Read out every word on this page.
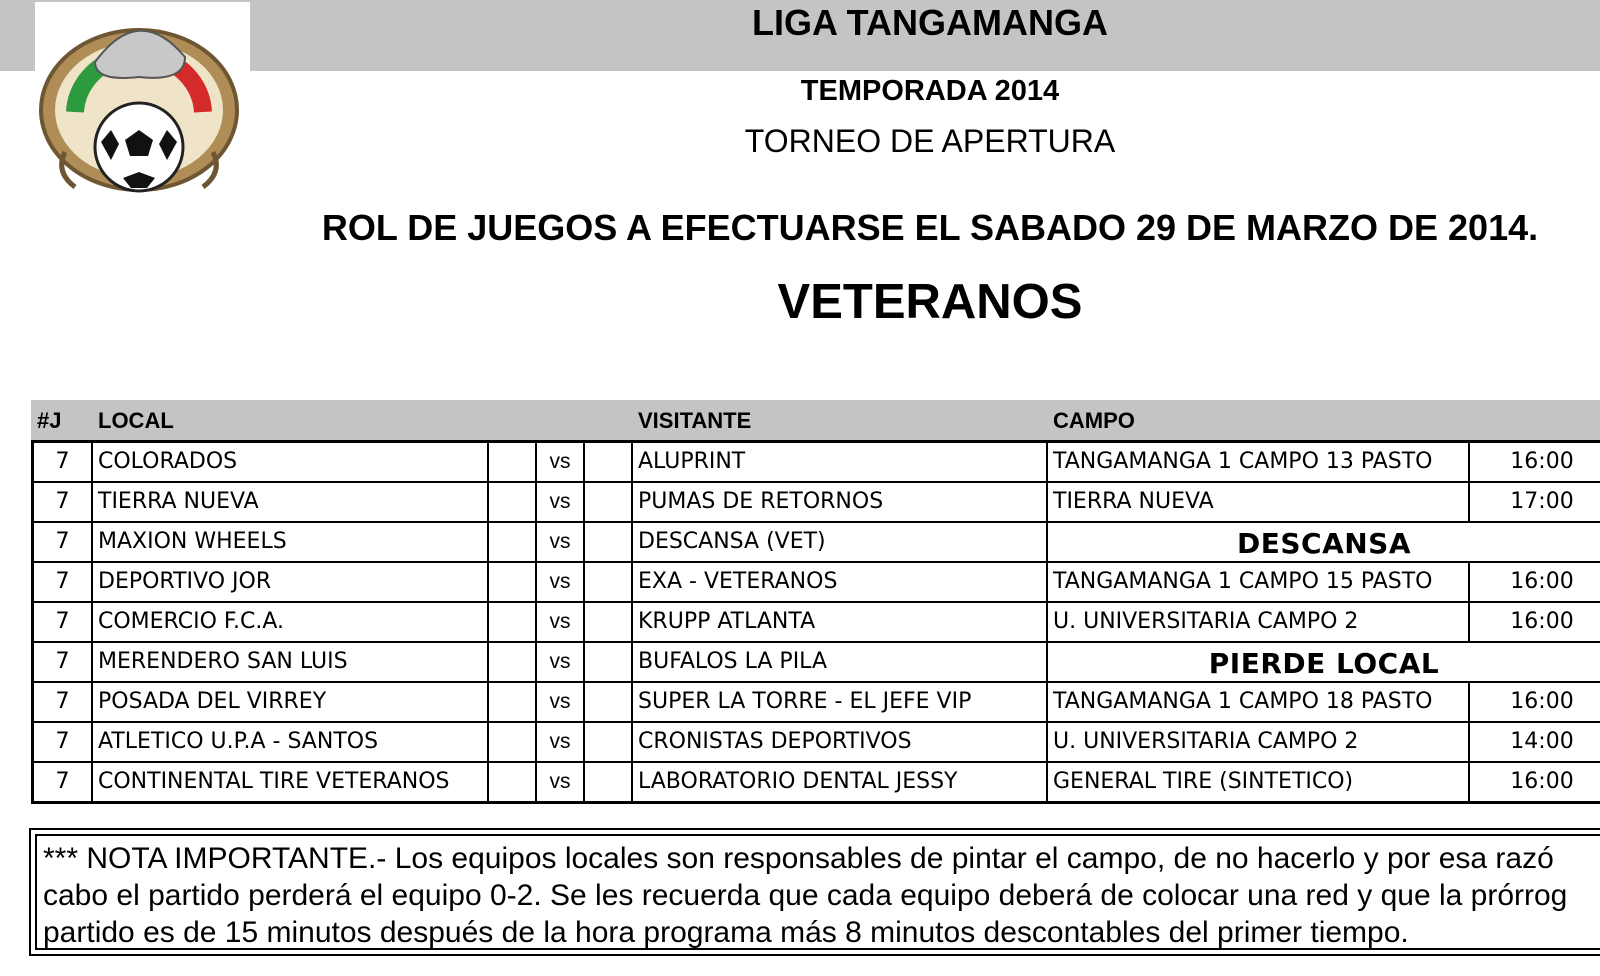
LIGA TANGAMANGA
TEMPORADA 2014
TORNEO DE APERTURA
ROL DE JUEGOS A EFECTUARSE EL SABADO 29 DE MARZO DE 2014.
VETERANOS
#J LOCAL	VISITANTE	CAMPO
7	COLORADOS	vs	ALUPRINT	TANGAMANGA 1 CAMPO 13 PASTO	16:00
7	TIERRA NUEVA	vs	PUMAS DE RETORNOS	TIERRA NUEVA	17:00
7	MAXION WHEELS	vs	DESCANSA (VET)	DESCANSA
7	DEPORTIVO JOR	vs	EXA - VETERANOS	TANGAMANGA 1 CAMPO 15 PASTO	16:00
7	COMERCIO F.C.A.	vs	KRUPP ATLANTA	U. UNIVERSITARIA CAMPO 2	16:00
7	MERENDERO SAN LUIS	vs	BUFALOS LA PILA	PIERDE LOCAL
7	POSADA DEL VIRREY	vs	SUPER LA TORRE - EL JEFE VIP	TANGAMANGA 1 CAMPO 18 PASTO	16:00
7	ATLETICO U.P.A - SANTOS	vs	CRONISTAS DEPORTIVOS	U. UNIVERSITARIA CAMPO 2	14:00
7	CONTINENTAL TIRE VETERANOS	vs	LABORATORIO DENTAL JESSY	GENERAL TIRE (SINTETICO)	16:00
*** NOTA IMPORTANTE.- Los equipos locales son responsables de pintar el campo, de no hacerlo y por esa razó
cabo el partido perderá el equipo 0-2. Se les recuerda que cada equipo deberá de colocar una red y que la prórrog
partido es de 15 minutos después de la hora programa más 8 minutos descontables del primer tiempo.
